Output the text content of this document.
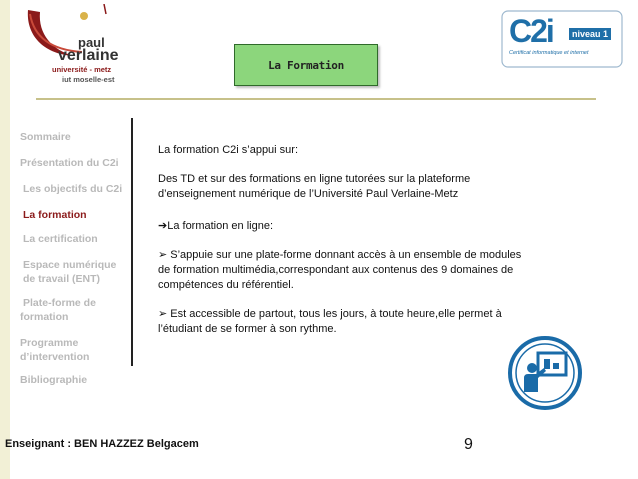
paul
verlaine
université - metz
iut moselle-est
C2i	niveau 1
Certificat informatique et internet
La Formation
Sommaire
Présentation du C2i
Les objectifs du C2i
La formation
La certification
Espace numérique
de travail (ENT)
Plate-forme de
formation
Programme
d’intervention
Bibliographie
La formation C2i s’appui sur:
Des TD et sur des formations en ligne tutorées sur la plateforme
d’enseignement numérique de l’Université Paul Verlaine-Metz
➔La formation en ligne:
➢ S’appuie sur une plate-forme donnant accès à un ensemble de modules
de formation multimédia,correspondant aux contenus des 9 domaines de
compétences du référentiel.
➢ Est accessible de partout, tous les jours, à toute heure,elle permet à
l’étudiant de se former à son rythme.
Enseignant : BEN HAZZEZ Belgacem	9
